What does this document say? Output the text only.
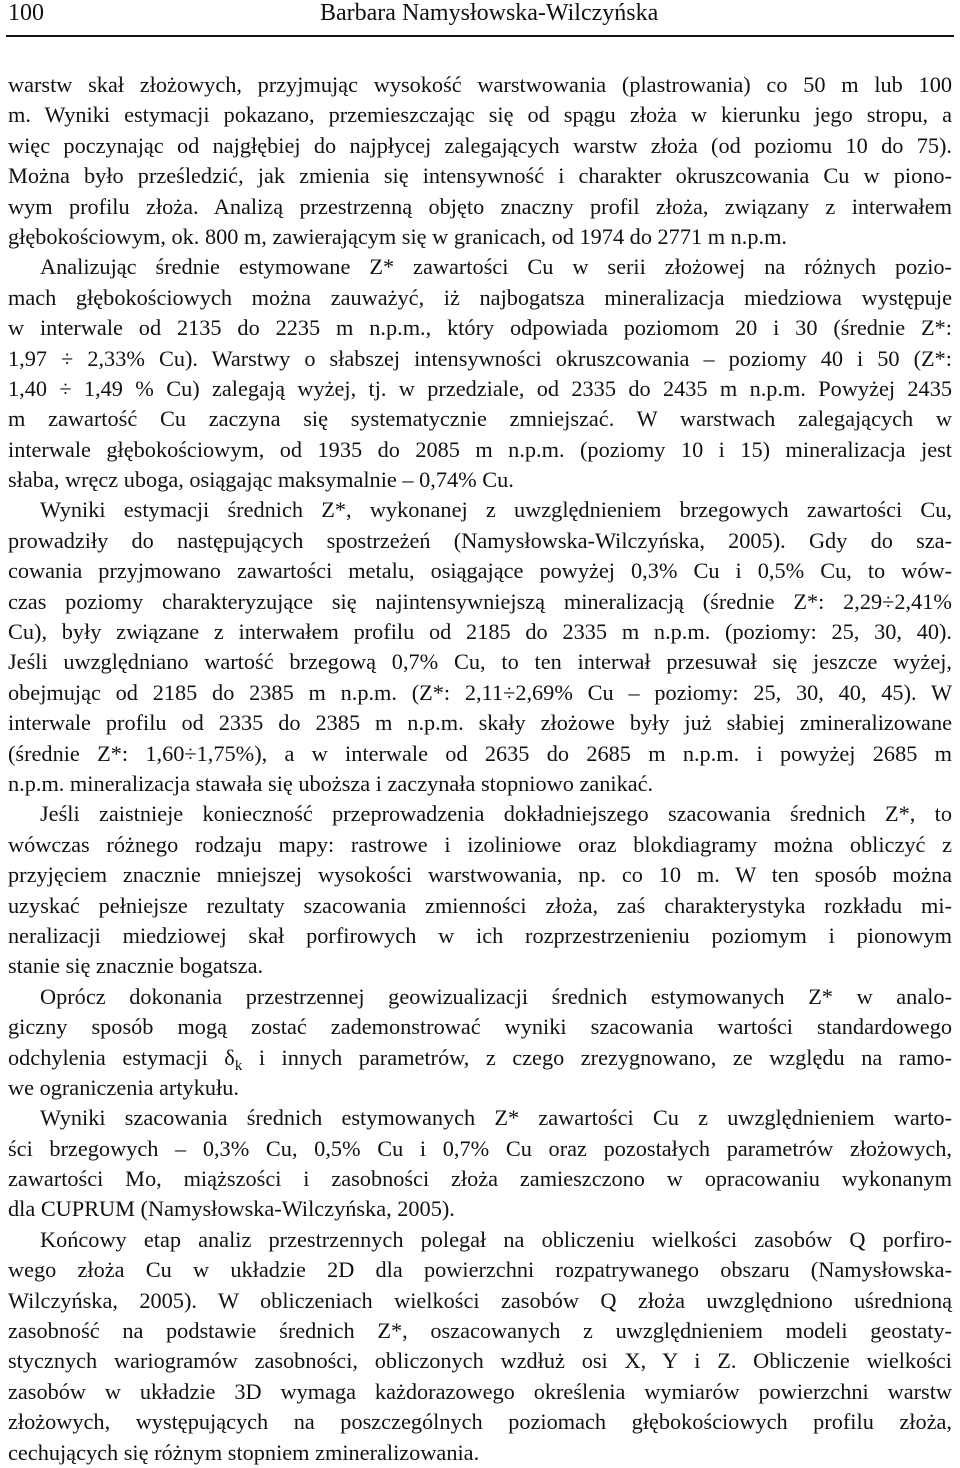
100	Barbara Namysłowska-Wilczyńska
warstw skał złożowych, przyjmując wysokość warstwowania (plastrowania) co 50 m lub 100
m. Wyniki estymacji pokazano, przemieszczając się od spągu złoża w kierunku jego stropu, a
więc poczynając od najgłębiej do najpłycej zalegających warstw złoża (od poziomu 10 do 75).
Można było prześledzić, jak zmienia się intensywność i charakter okruszcowania Cu w piono-
wym profilu złoża. Analizą przestrzenną objęto znaczny profil złoża, związany z interwałem
głębokościowym, ok. 800 m, zawierającym się w granicach, od 1974 do 2771 m n.p.m.
Analizując średnie estymowane Z* zawartości Cu w serii złożowej na różnych pozio-
mach głębokościowych można zauważyć, iż najbogatsza mineralizacja miedziowa występuje
w interwale od 2135 do 2235 m n.p.m., który odpowiada poziomom 20 i 30 (średnie Z*:
1,97 ÷ 2,33% Cu). Warstwy o słabszej intensywności okruszcowania – poziomy 40 i 50 (Z*:
1,40 ÷ 1,49 % Cu) zalegają wyżej, tj. w przedziale, od 2335 do 2435 m n.p.m. Powyżej 2435
m zawartość Cu zaczyna się systematycznie zmniejszać. W warstwach zalegających w
interwale głębokościowym, od 1935 do 2085 m n.p.m. (poziomy 10 i 15) mineralizacja jest
słaba, wręcz uboga, osiągając maksymalnie – 0,74% Cu.
Wyniki estymacji średnich Z*, wykonanej z uwzględnieniem brzegowych zawartości Cu,
prowadziły do następujących spostrzeżeń (Namysłowska-Wilczyńska, 2005). Gdy do sza-
cowania przyjmowano zawartości metalu, osiągające powyżej 0,3% Cu i 0,5% Cu, to wów-
czas poziomy charakteryzujące się najintensywniejszą mineralizacją (średnie Z*: 2,29÷2,41%
Cu), były związane z interwałem profilu od 2185 do 2335 m n.p.m. (poziomy: 25, 30, 40).
Jeśli uwzględniano wartość brzegową 0,7% Cu, to ten interwał przesuwał się jeszcze wyżej,
obejmując od 2185 do 2385 m n.p.m. (Z*: 2,11÷2,69% Cu – poziomy: 25, 30, 40, 45). W
interwale profilu od 2335 do 2385 m n.p.m. skały złożowe były już słabiej zmineralizowane
(średnie Z*: 1,60÷1,75%), a w interwale od 2635 do 2685 m n.p.m. i powyżej 2685 m
n.p.m. mineralizacja stawała się uboższa i zaczynała stopniowo zanikać.
Jeśli zaistnieje konieczność przeprowadzenia dokładniejszego szacowania średnich Z*, to
wówczas różnego rodzaju mapy: rastrowe i izoliniowe oraz blokdiagramy można obliczyć z
przyjęciem znacznie mniejszej wysokości warstwowania, np. co 10 m. W ten sposób można
uzyskać pełniejsze rezultaty szacowania zmienności złoża, zaś charakterystyka rozkładu mi-
neralizacji miedziowej skał porfirowych w ich rozprzestrzenieniu poziomym i pionowym
stanie się znacznie bogatsza.
Oprócz dokonania przestrzennej geowizualizacji średnich estymowanych Z* w analo-
giczny sposób mogą zostać zademonstrować wyniki szacowania wartości standardowego
odchylenia estymacji $\delta_k$ i innych parametrów, z czego zrezygnowano, ze względu na ramo-
we ograniczenia artykułu.
Wyniki szacowania średnich estymowanych Z* zawartości Cu z uwzględnieniem warto-
ści brzegowych – 0,3% Cu, 0,5% Cu i 0,7% Cu oraz pozostałych parametrów złożowych,
zawartości Mo, miąższości i zasobności złoża zamieszczono w opracowaniu wykonanym
dla CUPRUM (Namysłowska-Wilczyńska, 2005).
Końcowy etap analiz przestrzennych polegał na obliczeniu wielkości zasobów Q porfiro-
wego złoża Cu w układzie 2D dla powierzchni rozpatrywanego obszaru (Namysłowska-
Wilczyńska, 2005). W obliczeniach wielkości zasobów Q złoża uwzględniono uśrednioną
zasobność na podstawie średnich Z*, oszacowanych z uwzględnieniem modeli geostaty-
stycznych wariogramów zasobności, obliczonych wzdłuż osi X, Y i Z. Obliczenie wielkości
zasobów w układzie 3D wymaga każdorazowego określenia wymiarów powierzchni warstw
złożowych, występujących na poszczególnych poziomach głębokościowych profilu złoża,
cechujących się różnym stopniem zmineralizowania.
